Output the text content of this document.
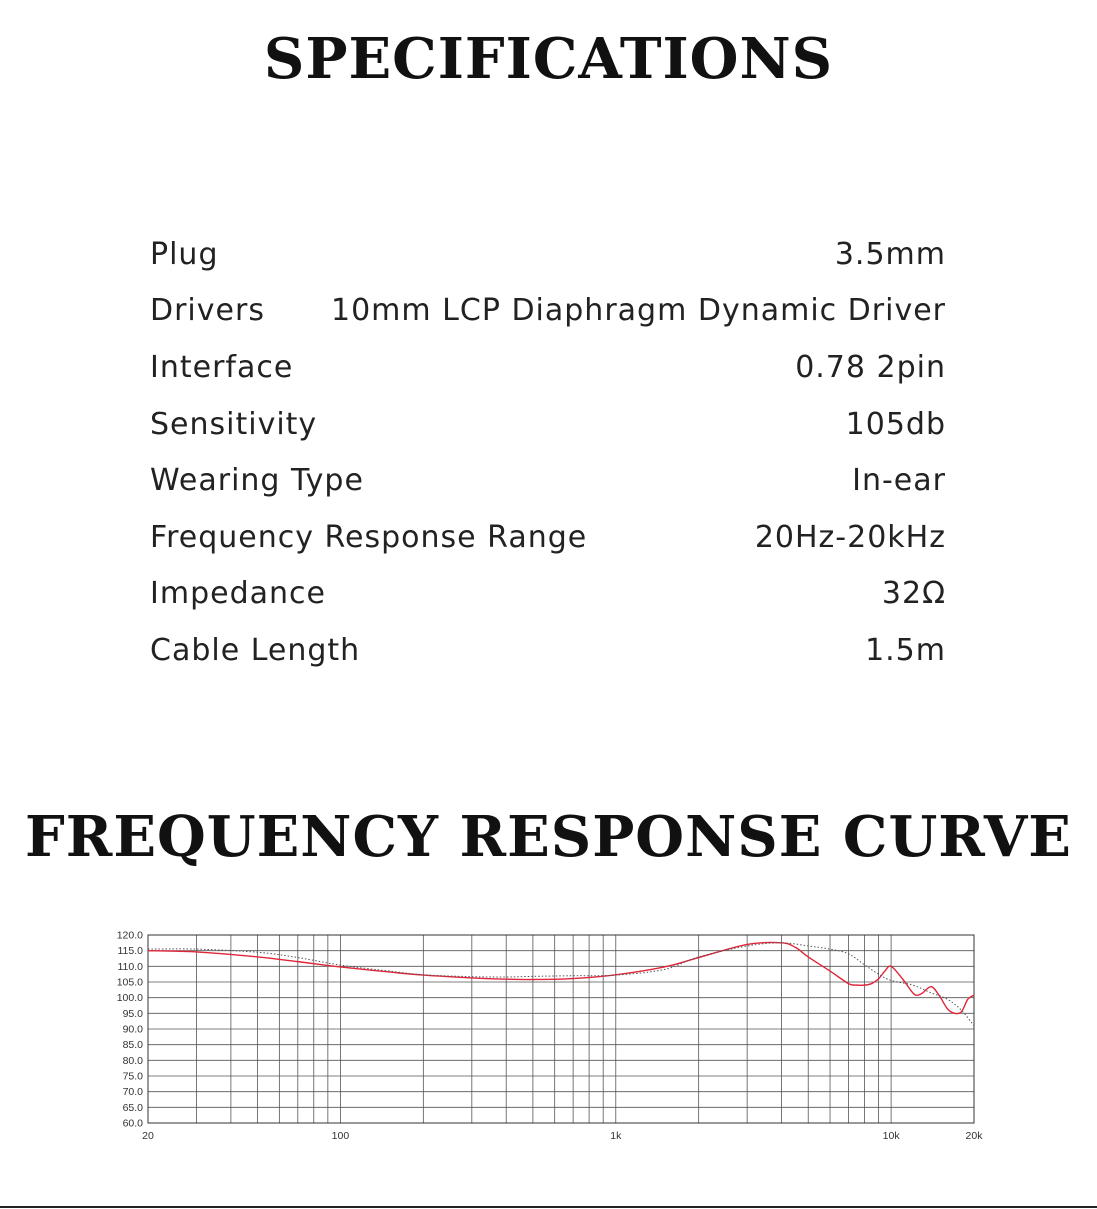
SPECIFICATIONS
Plug	3.5mm
Drivers 10mm LCP Diaphragm Dynamic Driver
Interface	0.78 2pin
Sensitivity	105db
Wearing Type	In-ear
Frequency Response Range	20Hz-20kHz
Impedance	32Ω
Cable Length	1.5m
FREQUENCY RESPONSE CURVE
120.0
115.0
110.0
105.0
100.0
95.0
90.0
85.0
80.0
75.0
70.0
65.0
60.0
20	100	1k	10k	20k
